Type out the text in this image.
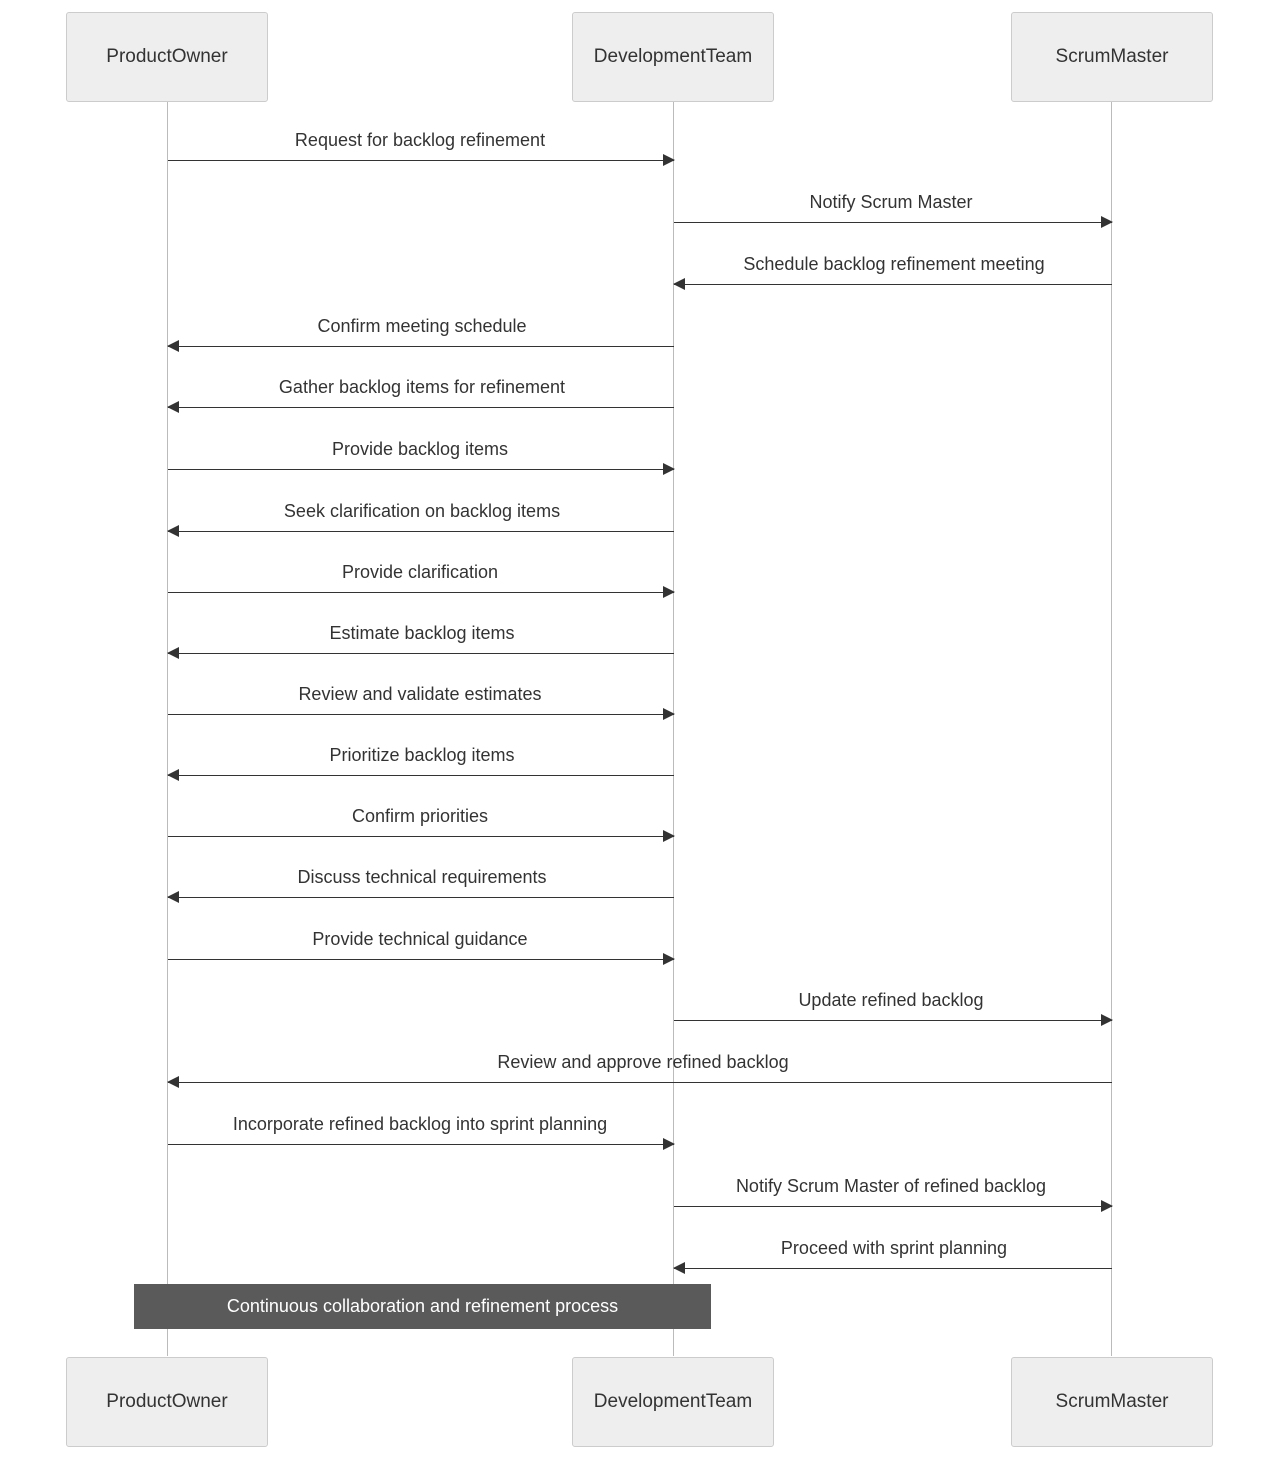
ProductOwner	DevelopmentTeam	ScrumMaster
Request for backlog refinement
Notify Scrum Master
Schedule backlog refinement meeting
Confirm meeting schedule
Gather backlog items for refinement
Provide backlog items
Seek clarification on backlog items
Provide clarification
Estimate backlog items
Review and validate estimates
Prioritize backlog items
Confirm priorities
Discuss technical requirements
Provide technical guidance
Update refined backlog
Review and approve refined backlog
Incorporate refined backlog into sprint planning
Notify Scrum Master of refined backlog
Proceed with sprint planning
Continuous collaboration and refinement process
ProductOwner	DevelopmentTeam	ScrumMaster
